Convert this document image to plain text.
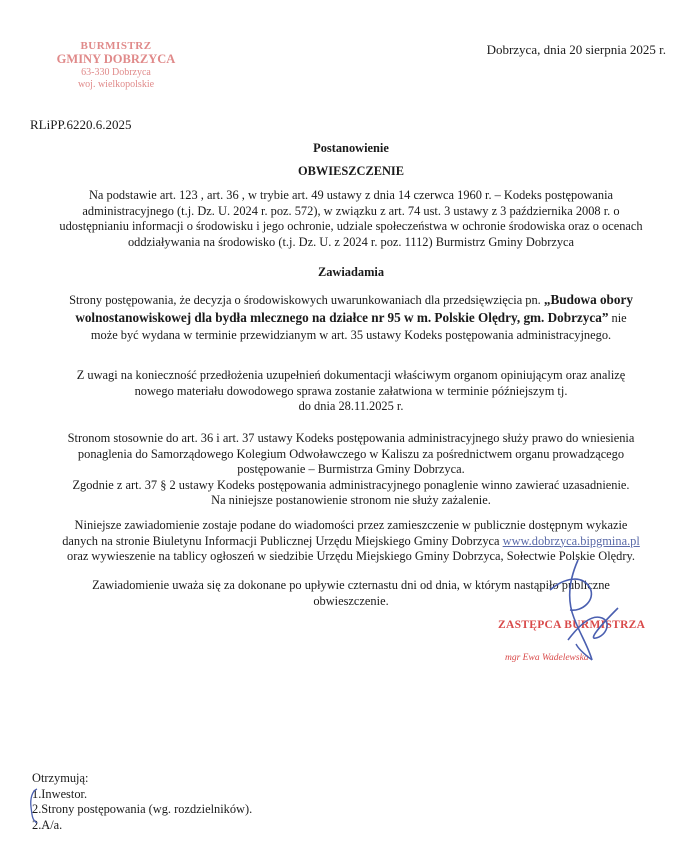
BURMISTRZ
GMINY DOBRZYCA
63-330 Dobrzyca
woj. wielkopolskie
Dobrzyca, dnia 20 sierpnia 2025 r.
RLiPP.6220.6.2025
Postanowienie
OBWIESZCZENIE
Na podstawie art. 123 , art. 36 , w trybie art. 49 ustawy z dnia 14 czerwca 1960 r. – Kodeks postępowania
administracyjnego (t.j. Dz. U. 2024 r. poz. 572), w związku z art. 74 ust. 3 ustawy z 3 października 2008 r. o
udostępnianiu informacji o środowisku i jego ochronie, udziale społeczeństwa w ochronie środowiska oraz o ocenach
oddziaływania na środowisko (t.j. Dz. U. z 2024 r. poz. 1112) Burmistrz Gminy Dobrzyca
Zawiadamia
Strony postępowania, że decyzja o środowiskowych uwarunkowaniach dla przedsięwzięcia pn. „Budowa obory
wolnostanowiskowej dla bydła mlecznego na działce nr 95 w m. Polskie Olędry, gm. Dobrzyca” nie
może być wydana w terminie przewidzianym w art. 35 ustawy Kodeks postępowania administracyjnego.
Z uwagi na konieczność przedłożenia uzupełnień dokumentacji właściwym organom opiniującym oraz analizę
nowego materiału dowodowego sprawa zostanie załatwiona w terminie późniejszym tj.
do dnia 28.11.2025 r.
Stronom stosownie do art. 36 i art. 37 ustawy Kodeks postępowania administracyjnego służy prawo do wniesienia
ponaglenia do Samorządowego Kolegium Odwoławczego w Kaliszu za pośrednictwem organu prowadzącego
postępowanie – Burmistrza Gminy Dobrzyca.
Zgodnie z art. 37 § 2 ustawy Kodeks postępowania administracyjnego ponaglenie winno zawierać uzasadnienie.
Na niniejsze postanowienie stronom nie służy zażalenie.
Niniejsze zawiadomienie zostaje podane do wiadomości przez zamieszczenie w publicznie dostępnym wykazie
danych na stronie Biuletynu Informacji Publicznej Urzędu Miejskiego Gminy Dobrzyca www.dobrzyca.bipgmina.pl
oraz wywieszenie na tablicy ogłoszeń w siedzibie Urzędu Miejskiego Gminy Dobrzyca, Sołectwie Polskie Olędry.
Zawiadomienie uważa się za dokonane po upływie czternastu dni od dnia, w którym nastąpiło publiczne
obwieszczenie.
ZASTĘPCA BURMISTRZA
mgr Ewa Wadelewska
Otrzymują:
1.Inwestor.
2.Strony postępowania (wg. rozdzielników).
2.A/a.
